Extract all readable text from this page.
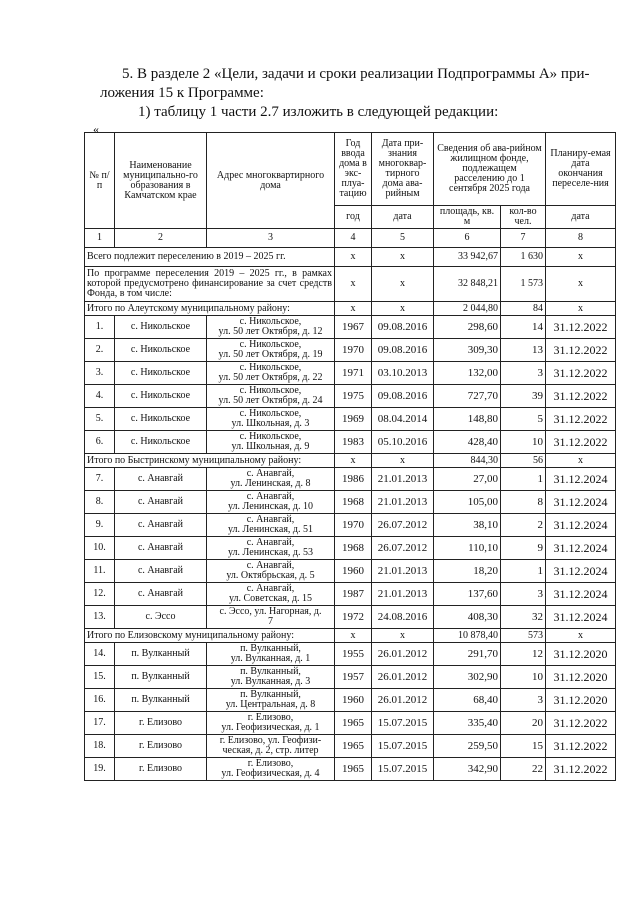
5. В разделе 2 «Цели, задачи и сроки реализации Подпрограммы А» при-
ложения 15 к Программе:
1) таблицу 1 части 2.7 изложить в следующей редакции:
«
№ п/п	Наименование муниципально-го образования в Камчатском крае	Адрес многоквартирного дома	Год ввода дома в экс-плуа-тацию	Дата при-знания многоквар-тирного дома ава-рийным	Сведения об ава-рийном жилищном фонде, подлежащем расселению до 1 сентября 2025 года		Планиру-емая дата окончания переселе-ния
			год	дата	площадь, кв. м	кол-во чел.	дата
1	2	3	4	5	6	7	8
Всего подлежит переселению в 2019 – 2025 гг.			x	x	33 942,67	1 630	x
По программе переселения 2019 – 2025 гг., в рамках которой предусмотрено финансирование за счет средств Фонда, в том числе:			x	x	32 848,21	1 573	x
Итого по Алеутскому муниципальному району:			x	x	2 044,80	84	x
1.	с. Никольское	с. Никольское,
ул. 50 лет Октября, д. 12	1967	09.08.2016	298,60	14	31.12.2022
2.	с. Никольское	с. Никольское,
ул. 50 лет Октября, д. 19	1970	09.08.2016	309,30	13	31.12.2022
3.	с. Никольское	с. Никольское,
ул. 50 лет Октября, д. 22	1971	03.10.2013	132,00	3	31.12.2022
4.	с. Никольское	с. Никольское,
ул. 50 лет Октября, д. 24	1975	09.08.2016	727,70	39	31.12.2022
5.	с. Никольское	с. Никольское,
ул. Школьная, д. 3	1969	08.04.2014	148,80	5	31.12.2022
6.	с. Никольское	с. Никольское,
ул. Школьная, д. 9	1983	05.10.2016	428,40	10	31.12.2022
Итого по Быстринскому муниципальному району:			x	x	844,30	56	x
7.	с. Анавгай	с. Анавгай,
ул. Ленинская, д. 8	1986	21.01.2013	27,00	1	31.12.2024
8.	с. Анавгай	с. Анавгай,
ул. Ленинская, д. 10	1968	21.01.2013	105,00	8	31.12.2024
9.	с. Анавгай	с. Анавгай,
ул. Ленинская, д. 51	1970	26.07.2012	38,10	2	31.12.2024
10.	с. Анавгай	с. Анавгай,
ул. Ленинская, д. 53	1968	26.07.2012	110,10	9	31.12.2024
11.	с. Анавгай	с. Анавгай,
ул. Октябрьская, д. 5	1960	21.01.2013	18,20	1	31.12.2024
12.	с. Анавгай	с. Анавгай,
ул. Советская, д. 15	1987	21.01.2013	137,60	3	31.12.2024
13.	с. Эссо	с. Эссо, ул. Нагорная, д.
7	1972	24.08.2016	408,30	32	31.12.2024
Итого по Елизовскому муниципальному району:			x	x	10 878,40	573	x
14.	п. Вулканный	п. Вулканный,
ул. Вулканная, д. 1	1955	26.01.2012	291,70	12	31.12.2020
15.	п. Вулканный	п. Вулканный,
ул. Вулканная, д. 3	1957	26.01.2012	302,90	10	31.12.2020
16.	п. Вулканный	п. Вулканный,
ул. Центральная, д. 8	1960	26.01.2012	68,40	3	31.12.2020
17.	г. Елизово	г. Елизово,
ул. Геофизическая, д. 1	1965	15.07.2015	335,40	20	31.12.2022
18.	г. Елизово	г. Елизово, ул. Геофизи-
ческая, д. 2, стр. литер	1965	15.07.2015	259,50	15	31.12.2022
19.	г. Елизово	г. Елизово,
ул. Геофизическая, д. 4	1965	15.07.2015	342,90	22	31.12.2022
